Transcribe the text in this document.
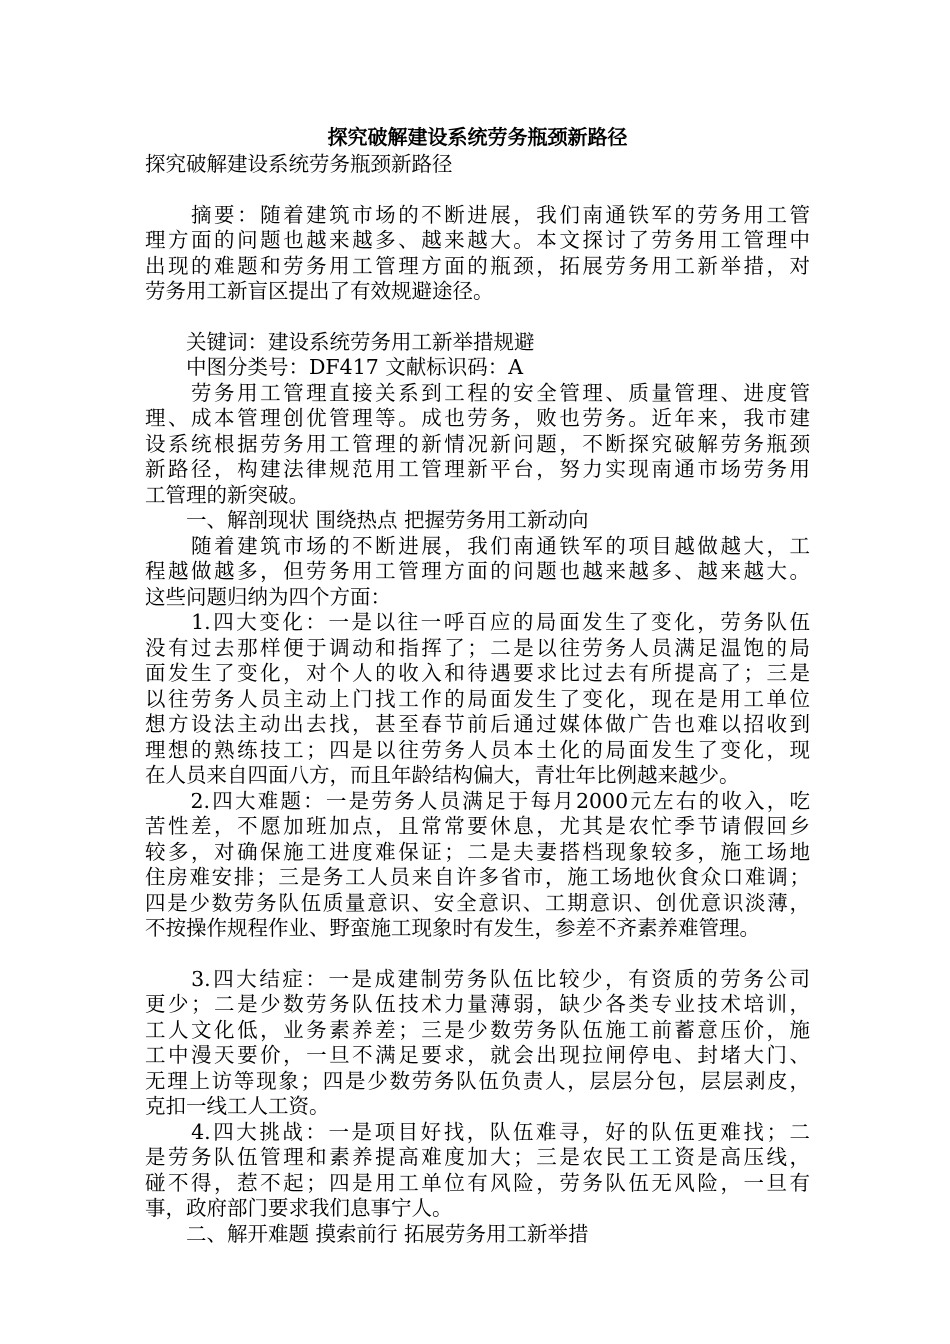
探究破解建设系统劳务瓶颈新路径

探究破解建设系统劳务瓶颈新路径

　　摘要：随着建筑市场的不断进展，我们南通铁军的劳务用工管

理方面的问题也越来越多、越来越大。本文探讨了劳务用工管理中

出现的难题和劳务用工管理方面的瓶颈，拓展劳务用工新举措，对

劳务用工新盲区提出了有效规避途径。

　　关键词：建设系统劳务用工新举措规避

　　中图分类号：DF417 文献标识码：A

　　劳务用工管理直接关系到工程的安全管理、质量管理、进度管

理、成本管理创优管理等。成也劳务，败也劳务。近年来，我市建

设系统根据劳务用工管理的新情况新问题，不断探究破解劳务瓶颈

新路径，构建法律规范用工管理新平台，努力实现南通市场劳务用

工管理的新突破。

　　一、解剖现状 围绕热点 把握劳务用工新动向

　　随着建筑市场的不断进展，我们南通铁军的项目越做越大，工

程越做越多，但劳务用工管理方面的问题也越来越多、越来越大。

这些问题归纳为四个方面：

　　1.四大变化：一是以往一呼百应的局面发生了变化，劳务队伍

没有过去那样便于调动和指挥了；二是以往劳务人员满足温饱的局

面发生了变化，对个人的收入和待遇要求比过去有所提高了；三是

以往劳务人员主动上门找工作的局面发生了变化，现在是用工单位

想方设法主动出去找，甚至春节前后通过媒体做广告也难以招收到

理想的熟练技工；四是以往劳务人员本土化的局面发生了变化，现

在人员来自四面八方，而且年龄结构偏大，青壮年比例越来越少。

　　2.四大难题：一是劳务人员满足于每月2000元左右的收入，吃

苦性差，不愿加班加点，且常常要休息，尤其是农忙季节请假回乡

较多，对确保施工进度难保证；二是夫妻搭档现象较多，施工场地

住房难安排；三是务工人员来自许多省市，施工场地伙食众口难调；

四是少数劳务队伍质量意识、安全意识、工期意识、创优意识淡薄，

不按操作规程作业、野蛮施工现象时有发生，参差不齐素养难管理。

　　3.四大结症：一是成建制劳务队伍比较少，有资质的劳务公司

更少；二是少数劳务队伍技术力量薄弱，缺少各类专业技术培训，

工人文化低，业务素养差；三是少数劳务队伍施工前蓄意压价，施

工中漫天要价，一旦不满足要求，就会出现拉闸停电、封堵大门、

无理上访等现象；四是少数劳务队伍负责人，层层分包，层层剥皮，

克扣一线工人工资。

　　4.四大挑战：一是项目好找，队伍难寻，好的队伍更难找；二

是劳务队伍管理和素养提高难度加大；三是农民工工资是高压线，

碰不得，惹不起；四是用工单位有风险，劳务队伍无风险，一旦有

事，政府部门要求我们息事宁人。

　　二、解开难题 摸索前行 拓展劳务用工新举措
